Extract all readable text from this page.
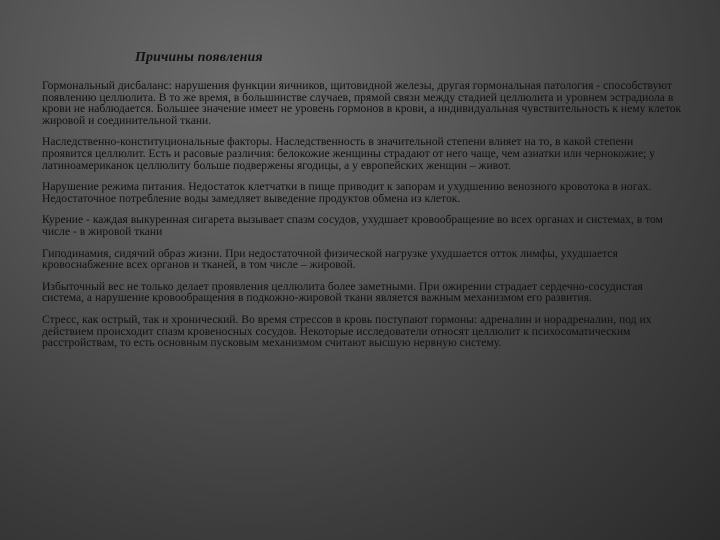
Причины появления

Гормональный дисбаланс: нарушения функции яичников, щитовидной железы, другая гормональная патология - способствуют появлению целлюлита. В то же время, в большинстве случаев, прямой связи между стадией целлюлита и уровнем эстрадиола в крови не наблюдается. Большее значение имеет не уровень гормонов в крови, а индивидуальная чувствительность к нему клеток жировой и соединительной ткани.

Наследственно-конституциональные факторы. Наследственность в значительной степени влияет на то, в какой степени проявится целлюлит. Есть и расовые различия: белокожие женщины страдают от него чаще, чем азиатки или чернокожие; у латиноамериканок целлюлиту больше подвержены ягодицы, а у европейских женщин – живот.

Нарушение режима питания. Недостаток клетчатки в пище приводит к запорам и ухудшению венозного кровотока в ногах. Недостаточное потребление воды замедляет выведение продуктов обмена из клеток.

Курение - каждая выкуренная сигарета вызывает спазм сосудов, ухудшает кровообращение во всех органах и системах, в том числе - в жировой ткани

Гиподинамия, сидячий образ жизни. При недостаточной физической нагрузке ухудшается отток лимфы, ухудшается кровоснабжение всех органов и тканей, в том числе – жировой.

Избыточный вес не только делает проявления целлюлита более заметными. При ожирении страдает сердечно-сосудистая система, а нарушение кровообращения в подкожно-жировой ткани является важным механизмом его развития.

Стресс, как острый, так и хронический. Во время стрессов в кровь поступают гормоны: адреналин и норадреналин, под их действием происходит спазм кровеносных сосудов. Некоторые исследователи относят целлюлит к психосоматическим расстройствам, то есть основным пусковым механизмом считают высшую нервную систему.
